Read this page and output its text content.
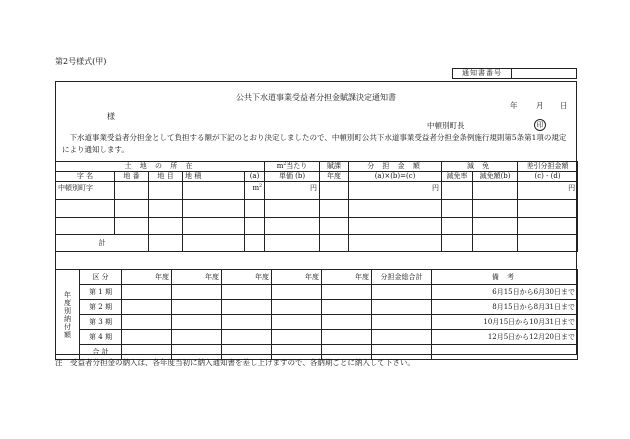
第2号様式(甲)
通知書番号
公共下水道事業受益者分担金賦課決定通知書
年 月 日
様
中頓別町長	印
　下水道事業受益者分担金として負担する額が下記のとおり決定しましたので、中頓別町公共下水道事業受益者分担金条例施行規則第5条第1項の規定により通知します。
土 地 の 所 在					$m^2$当たり	賦課	分 担 金 額	減 免		差引分担金額
字 名	地 番	地 目	地 積	(a)	単価 (b)	年度	(a)×(b)=(c)	減免率	減免額(b)	(c) - (d)
中頓別町字				$m^2$	円		円			円

計										
年度別納付額	区 分	年度	年度	年度	年度	年度	分担金総合計	備 考
	第 1 期							6月15日から6月30日まで
	第 2 期							8月15日から8月31日まで
	第 3 期							10月15日から10月31日まで
	第 4 期							12月5日から12月20日まで
	合 計							
注　受益者分担金の納入は、各年度当初に納入通知書を差し上げますので、各納期ごとに納入して下さい。
